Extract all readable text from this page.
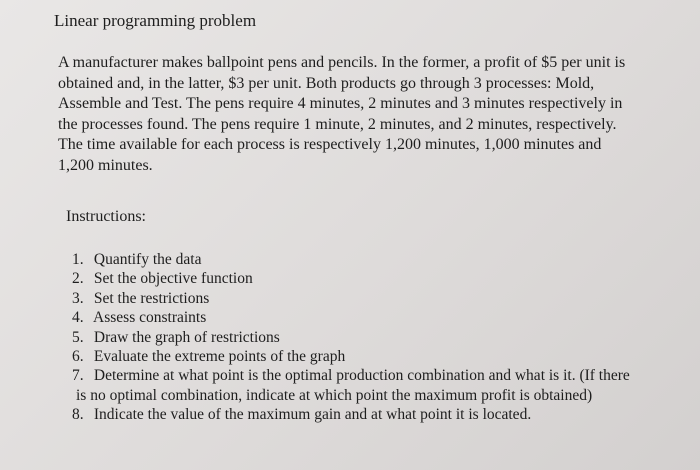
Linear programming problem
A manufacturer makes ballpoint pens and pencils. In the former, a profit of $5 per unit is
obtained and, in the latter, $3 per unit. Both products go through 3 processes: Mold,
Assemble and Test. The pens require 4 minutes, 2 minutes and 3 minutes respectively in
the processes found. The pens require 1 minute, 2 minutes, and 2 minutes, respectively.
The time available for each process is respectively 1,200 minutes, 1,000 minutes and
1,200 minutes.
Instructions:
1. Quantify the data
2. Set the objective function
3. Set the restrictions
4. Assess constraints
5. Draw the graph of restrictions
6. Evaluate the extreme points of the graph
7. Determine at what point is the optimal production combination and what is it. (If there
is no optimal combination, indicate at which point the maximum profit is obtained)
8. Indicate the value of the maximum gain and at what point it is located.
